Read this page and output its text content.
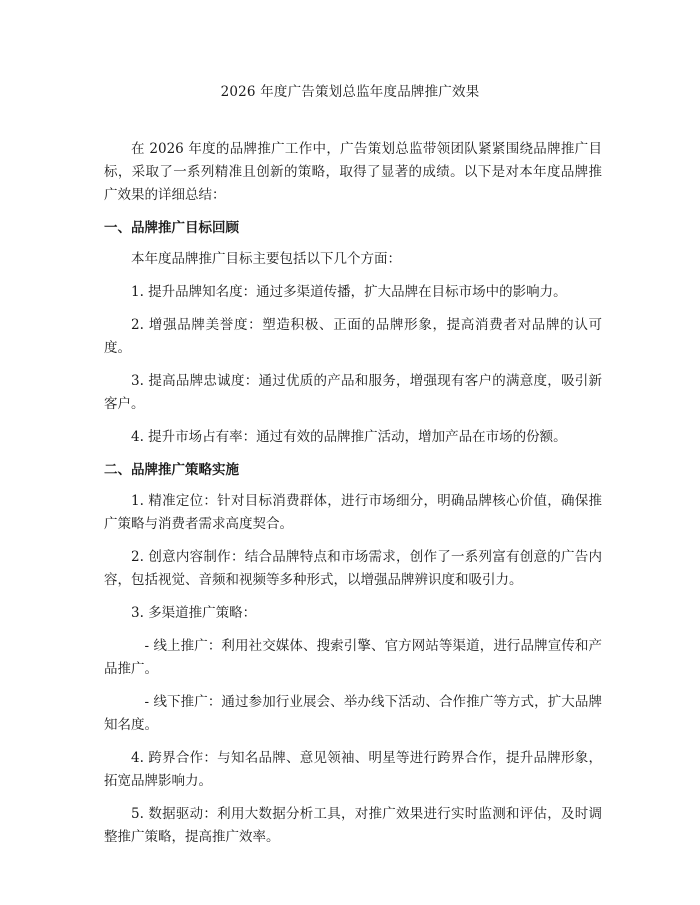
2026 年度广告策划总监年度品牌推广效果

在 2026 年度的品牌推广工作中，广告策划总监带领团队紧紧围绕品牌推广目标，采取了一系列精准且创新的策略，取得了显著的成绩。以下是对本年度品牌推广效果的详细总结：

一、品牌推广目标回顾

本年度品牌推广目标主要包括以下几个方面：

1. 提升品牌知名度：通过多渠道传播，扩大品牌在目标市场中的影响力。

2. 增强品牌美誉度：塑造积极、正面的品牌形象，提高消费者对品牌的认可度。

3. 提高品牌忠诚度：通过优质的产品和服务，增强现有客户的满意度，吸引新客户。

4. 提升市场占有率：通过有效的品牌推广活动，增加产品在市场的份额。

二、品牌推广策略实施

1. 精准定位：针对目标消费群体，进行市场细分，明确品牌核心价值，确保推广策略与消费者需求高度契合。

2. 创意内容制作：结合品牌特点和市场需求，创作了一系列富有创意的广告内容，包括视觉、音频和视频等多种形式，以增强品牌辨识度和吸引力。

3. 多渠道推广策略：

- 线上推广：利用社交媒体、搜索引擎、官方网站等渠道，进行品牌宣传和产品推广。

- 线下推广：通过参加行业展会、举办线下活动、合作推广等方式，扩大品牌知名度。

4. 跨界合作：与知名品牌、意见领袖、明星等进行跨界合作，提升品牌形象，拓宽品牌影响力。

5. 数据驱动：利用大数据分析工具，对推广效果进行实时监测和评估，及时调整推广策略，提高推广效率。
